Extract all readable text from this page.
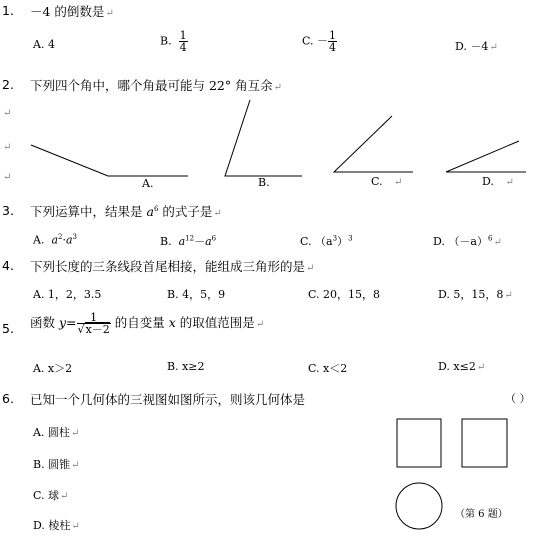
1. －4 的倒数是↵
A. 4	B. $\frac{1}{4}$	C. － $\frac{1}{4}$	D. －4↵
2. 下列四个角中，哪个角最可能与 22° 角互余↵
↵
↵
↵	A.	B.	C. ↵	D. ↵
3. 下列运算中，结果是 $a^6$ 的式子是↵
A. $a^2\cdot a^3$	B. $a^{12}-a^6$	C. $(a^3)^3$	D. $(-a)^6↵$
4. 下列长度的三条线段首尾相接，能组成三角形的是↵
A. 1，2，3.5	B. 4，5，9	C. 20，15，8	D. 5，15，8↵
5. 函数 $y= \frac{1}{√x-2}$ 的自变量 x 的取值范围是↵
A. x＞2	B. x≥2	C. x＜2	D. x≤2↵
6. 已知一个几何体的三视图如图所示，则该几何体是	（ ）
A. 圆柱↵
B. 圆锥↵
C. 球↵
D. 棱柱↵
（第 6 题）
